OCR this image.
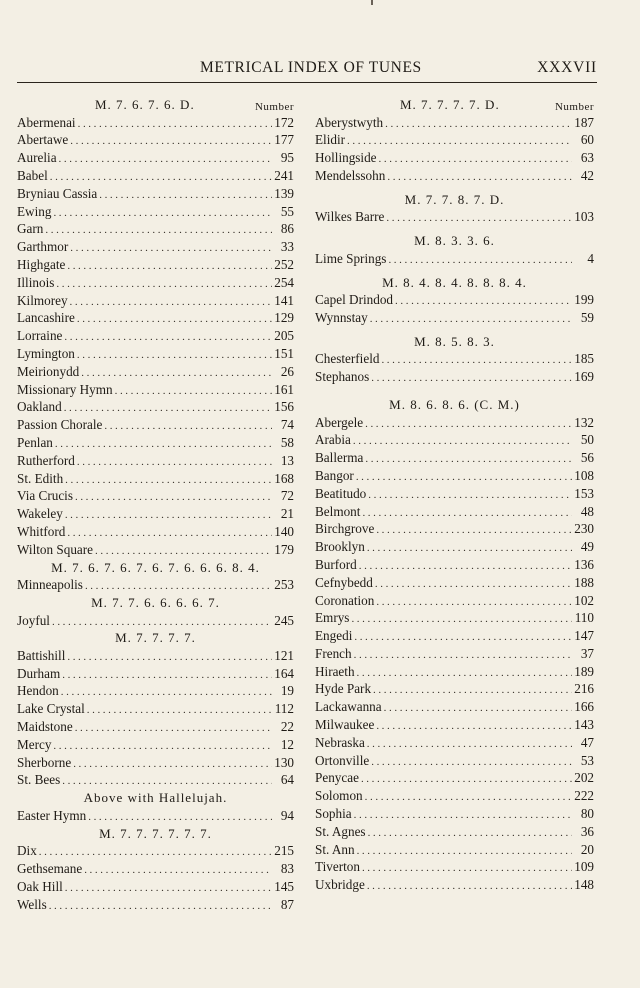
METRICAL INDEX OF TUNES	XXXVII
M. 7. 6. 7. 6. D.	Number
Abermenai .....	172
Abertawe .....	177
Aurelia .....	95
Babel .....	241
Bryniau Cassia .....	139
Ewing .....	55
Garn .....	86
Garthmor .....	33
Highgate .....	252
Illinois .....	254
Kilmorey .....	141
Lancashire .....	129
Lorraine .....	205
Lymington .....	151
Meirionydd .....	26
Missionary Hymn .....	161
Oakland .....	156
Passion Chorale .....	74
Penlan .....	58
Rutherford .....	13
St. Edith .....	168
Via Crucis .....	72
Wakeley .....	21
Whitford .....	140
Wilton Square .....	179
M. 7. 6. 7. 6. 7. 6. 7. 6. 6. 6. 8. 4.
Minneapolis .....	253
M. 7. 7. 6. 6. 6. 6. 7.
Joyful .....	245
M. 7. 7. 7. 7.
Battishill .....	121
Durham .....	164
Hendon .....	19
Lake Crystal .....	112
Maidstone .....	22
Mercy .....	12
Sherborne .....	130
St. Bees .....	64
Above with Hallelujah.
Easter Hymn .....	94
M. 7. 7. 7. 7. 7. 7.
Dix .....	215
Gethsemane .....	83
Oak Hill .....	145
Wells .....	87
M. 7. 7. 7. 7. D.	Number
Aberystwyth .....	187
Elidir .....	60
Hollingside .....	63
Mendelssohn .....	42
M. 7. 7. 8. 7. D.
Wilkes Barre .....	103
M. 8. 3. 3. 6.
Lime Springs .....	4
M. 8. 4. 8. 4. 8. 8. 8. 4.
Capel Drindod .....	199
Wynnstay .....	59
M. 8. 5. 8. 3.
Chesterfield .....	185
Stephanos .....	169
M. 8. 6. 8. 6. (C. M.)
Abergele .....	132
Arabia .....	50
Ballerma .....	56
Bangor .....	108
Beatitudo .....	153
Belmont .....	48
Birchgrove .....	230
Brooklyn .....	49
Burford .....	136
Cefnybedd .....	188
Coronation .....	102
Emrys .....	110
Engedi .....	147
French .....	37
Hiraeth .....	189
Hyde Park .....	216
Lackawanna .....	166
Milwaukee .....	143
Nebraska .....	47
Ortonville .....	53
Penycae .....	202
Solomon .....	222
Sophia .....	80
St. Agnes .....	36
St. Ann .....	20
Tiverton .....	109
Uxbridge .....	148
